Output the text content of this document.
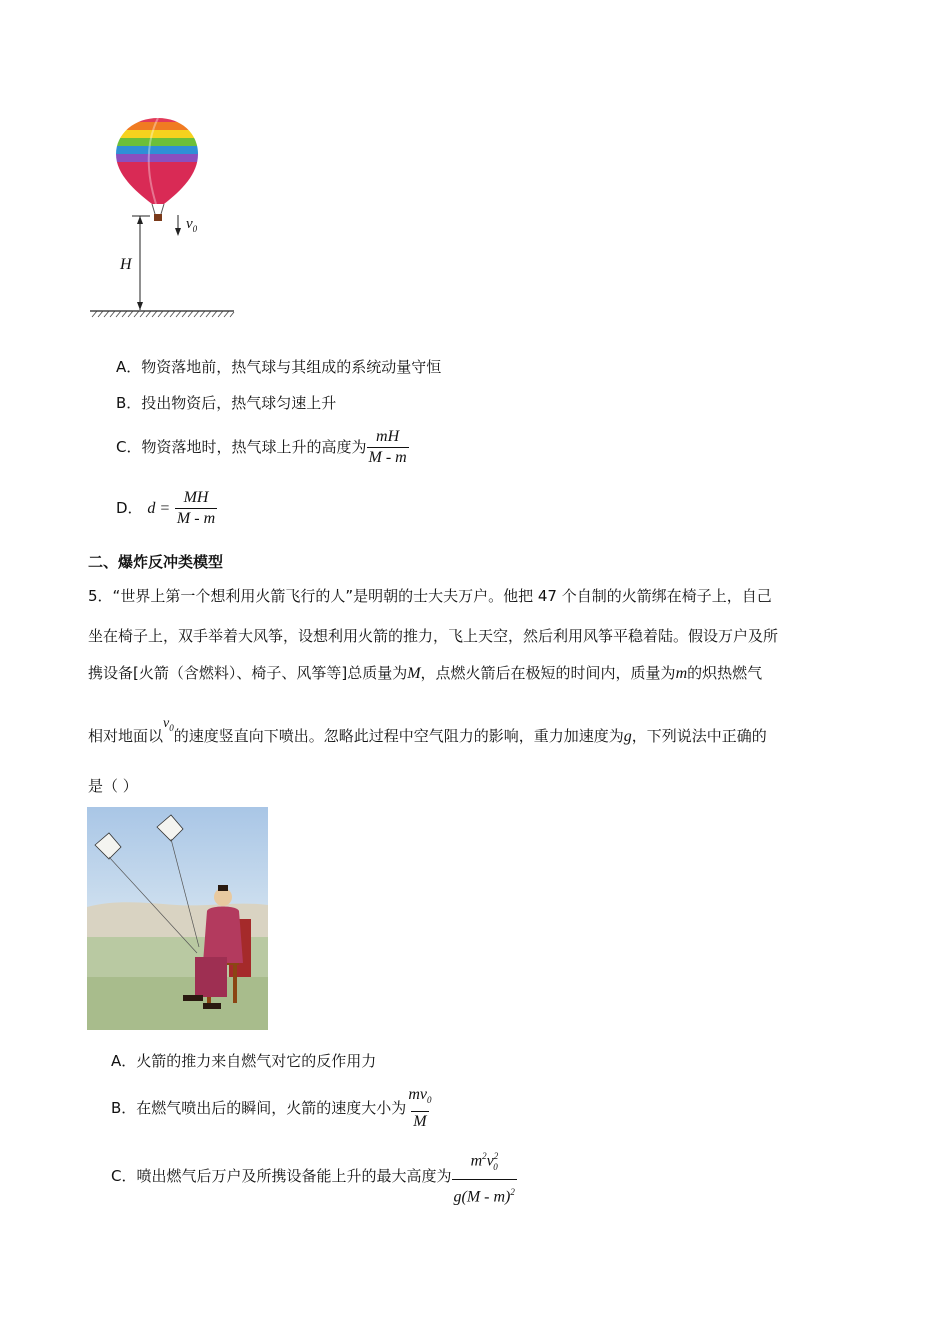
H
$v_0$
A．物资落地前，热气球与其组成的系统动量守恒
B．投出物资后，热气球匀速上升
C．物资落地时，热气球上升的高度为 $\frac{mH}{M - m}$
D． $d = \frac{MH}{M - m}$
二、爆炸反冲类模型
5．“世界上第一个想利用火箭飞行的人”是明朝的士大夫万户。他把 47 个自制的火箭绑在椅子上，自己
坐在椅子上，双手举着大风筝，设想利用火箭的推力，飞上天空，然后利用风筝平稳着陆。假设万户及所
携设备[火箭（含燃料）、椅子、风筝等]总质量为M，点燃火箭后在极短的时间内，质量为m的炽热燃气
相对地面以$v_0$的速度竖直向下喷出。忽略此过程中空气阻力的影响，重力加速度为g，下列说法中正确的
是（ ）
A．火箭的推力来自燃气对它的反作用力
B．在燃气喷出后的瞬间，火箭的速度大小为 $\frac{mv_0}{M}$
C．喷出燃气后万户及所携设备能上升的最大高度为 $\frac{m^2v^2_0}{g(M - m)^2}$
